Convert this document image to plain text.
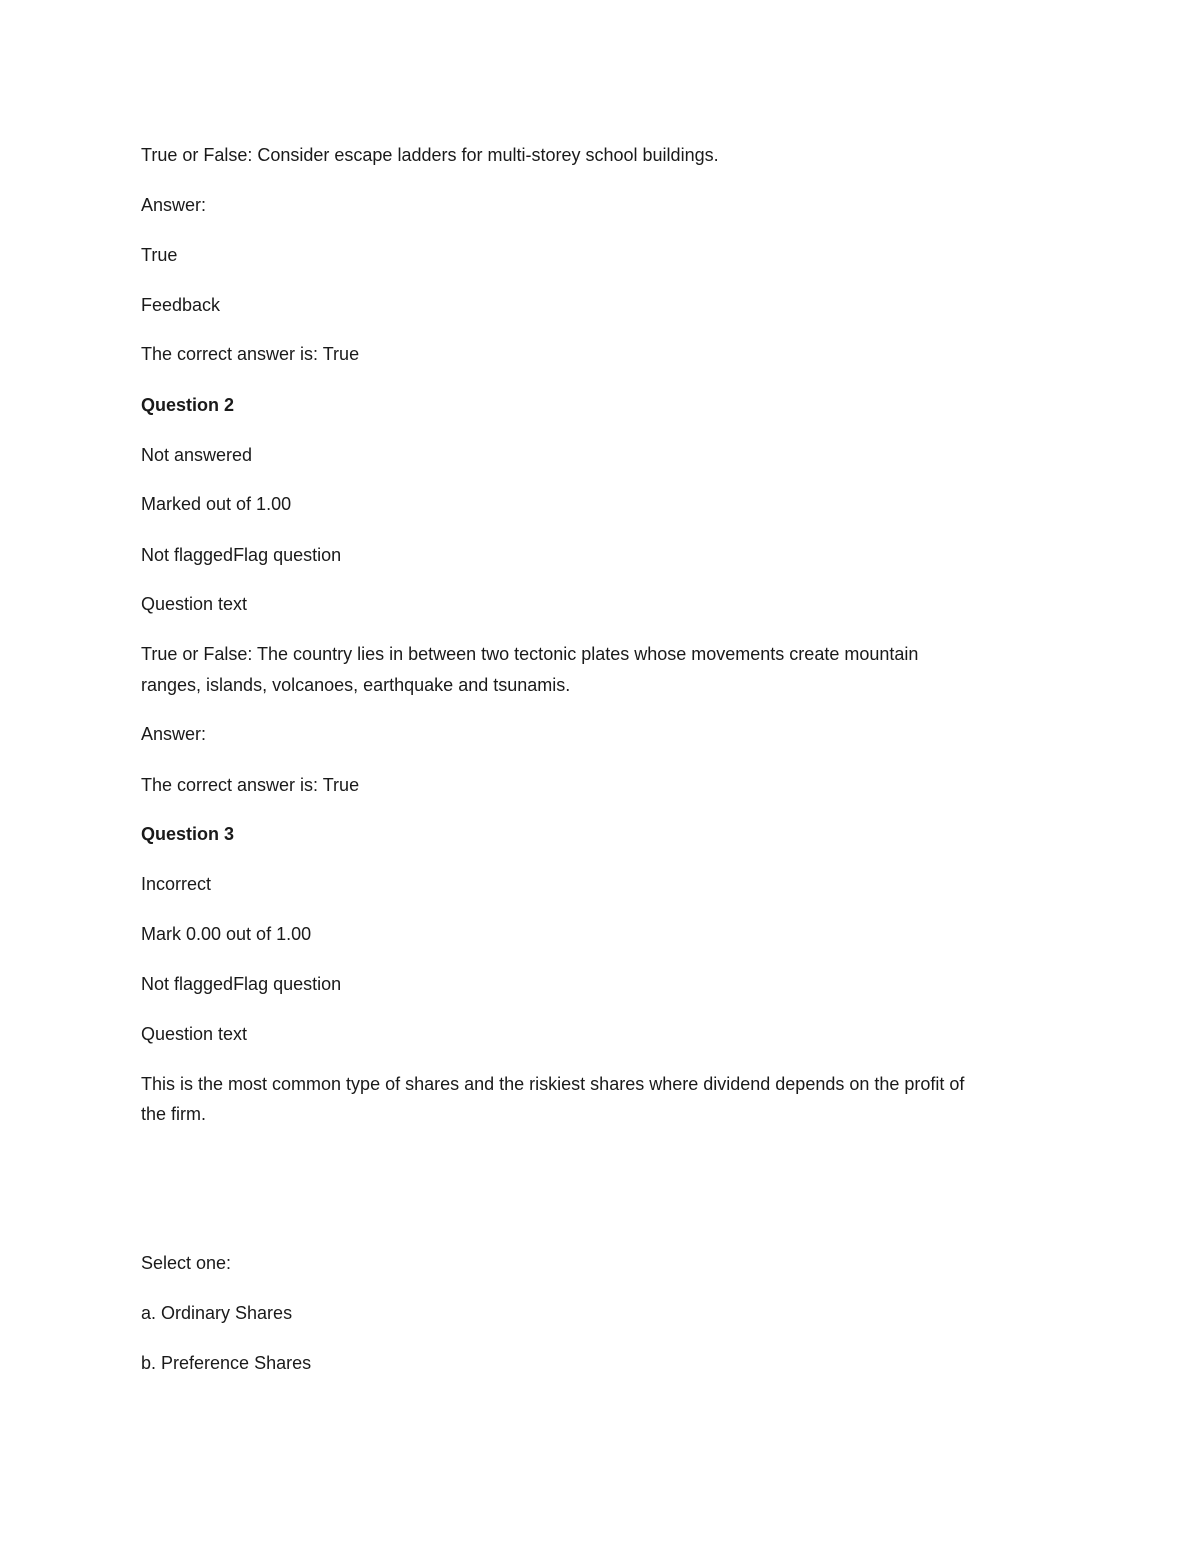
True or False: Consider escape ladders for multi-storey school buildings.

Answer:

True

Feedback

The correct answer is: True

Question 2

Not answered

Marked out of 1.00

Not flaggedFlag question

Question text

True or False: The country lies in between two tectonic plates whose movements create mountain

ranges, islands, volcanoes, earthquake and tsunamis.

Answer:

The correct answer is: True

Question 3

Incorrect

Mark 0.00 out of 1.00

Not flaggedFlag question

Question text

This is the most common type of shares and the riskiest shares where dividend depends on the profit of

the firm.

Select one:

a. Ordinary Shares

b. Preference Shares
